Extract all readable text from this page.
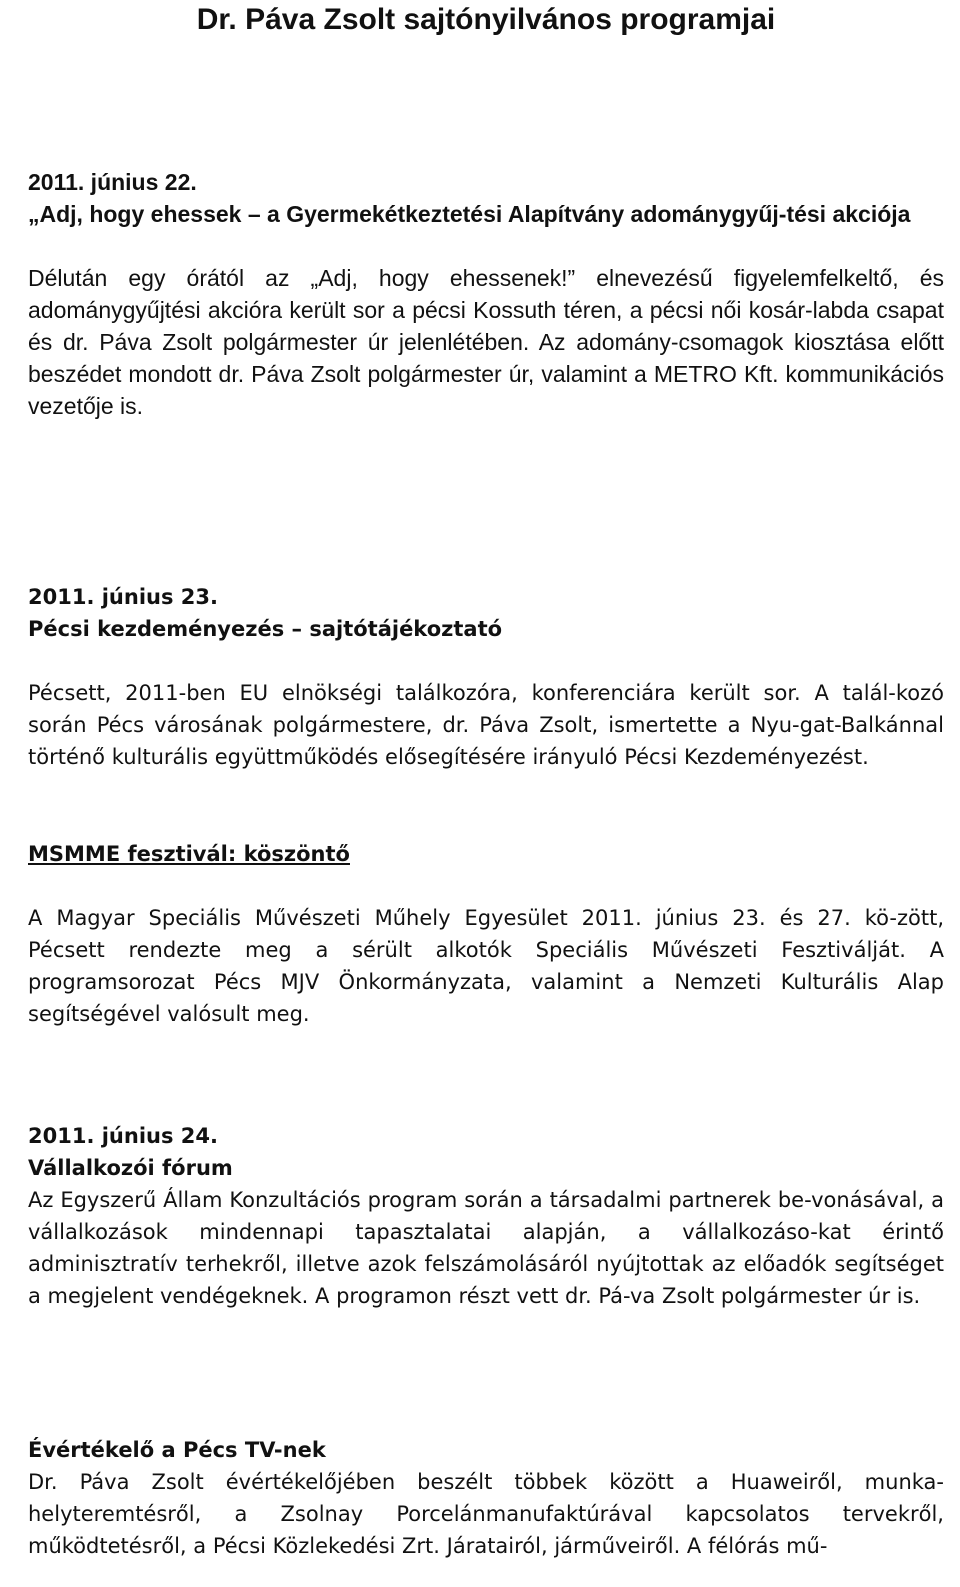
Dr. Páva Zsolt sajtónyilvános programjai

2011. június 22.

„Adj, hogy ehessek – a Gyermekétkeztetési Alapítvány adománygyűj-tési akciója

Délután egy órától az „Adj, hogy ehessenek!” elnevezésű figyelemfelkeltő, és adománygyűjtési akcióra került sor a pécsi Kossuth téren, a pécsi női kosár-labda csapat és dr. Páva Zsolt polgármester úr jelenlétében. Az adomány-csomagok kiosztása előtt beszédet mondott dr. Páva Zsolt polgármester úr, valamint a METRO Kft. kommunikációs vezetője is.

2011. június 23.

Pécsi kezdeményezés – sajtótájékoztató

Pécsett, 2011-ben EU elnökségi találkozóra, konferenciára került sor. A talál-kozó során Pécs városának polgármestere, dr. Páva Zsolt, ismertette a Nyu-gat-Balkánnal történő kulturális együttműködés elősegítésére irányuló Pécsi Kezdeményezést.

MSMME fesztivál: köszöntő

A Magyar Speciális Művészeti Műhely Egyesület 2011. június 23. és 27. kö-zött, Pécsett rendezte meg a sérült alkotók Speciális Művészeti Fesztiválját. A programsorozat Pécs MJV Önkormányzata, valamint a Nemzeti Kulturális Alap segítségével valósult meg.

2011. június 24.

Vállalkozói fórum

Az Egyszerű Állam Konzultációs program során a társadalmi partnerek be-vonásával, a vállalkozások mindennapi tapasztalatai alapján, a vállalkozáso-kat érintő adminisztratív terhekről, illetve azok felszámolásáról nyújtottak az előadók segítséget a megjelent vendégeknek. A programon részt vett dr. Pá-va Zsolt polgármester úr is.

Évértékelő a Pécs TV-nek

Dr. Páva Zsolt évértékelőjében beszélt többek között a Huaweiről, munka-helyteremtésről, a Zsolnay Porcelánmanufaktúrával kapcsolatos tervekről, működtetésről, a Pécsi Közlekedési Zrt. Járatairól, járműveiről. A félórás mű-
